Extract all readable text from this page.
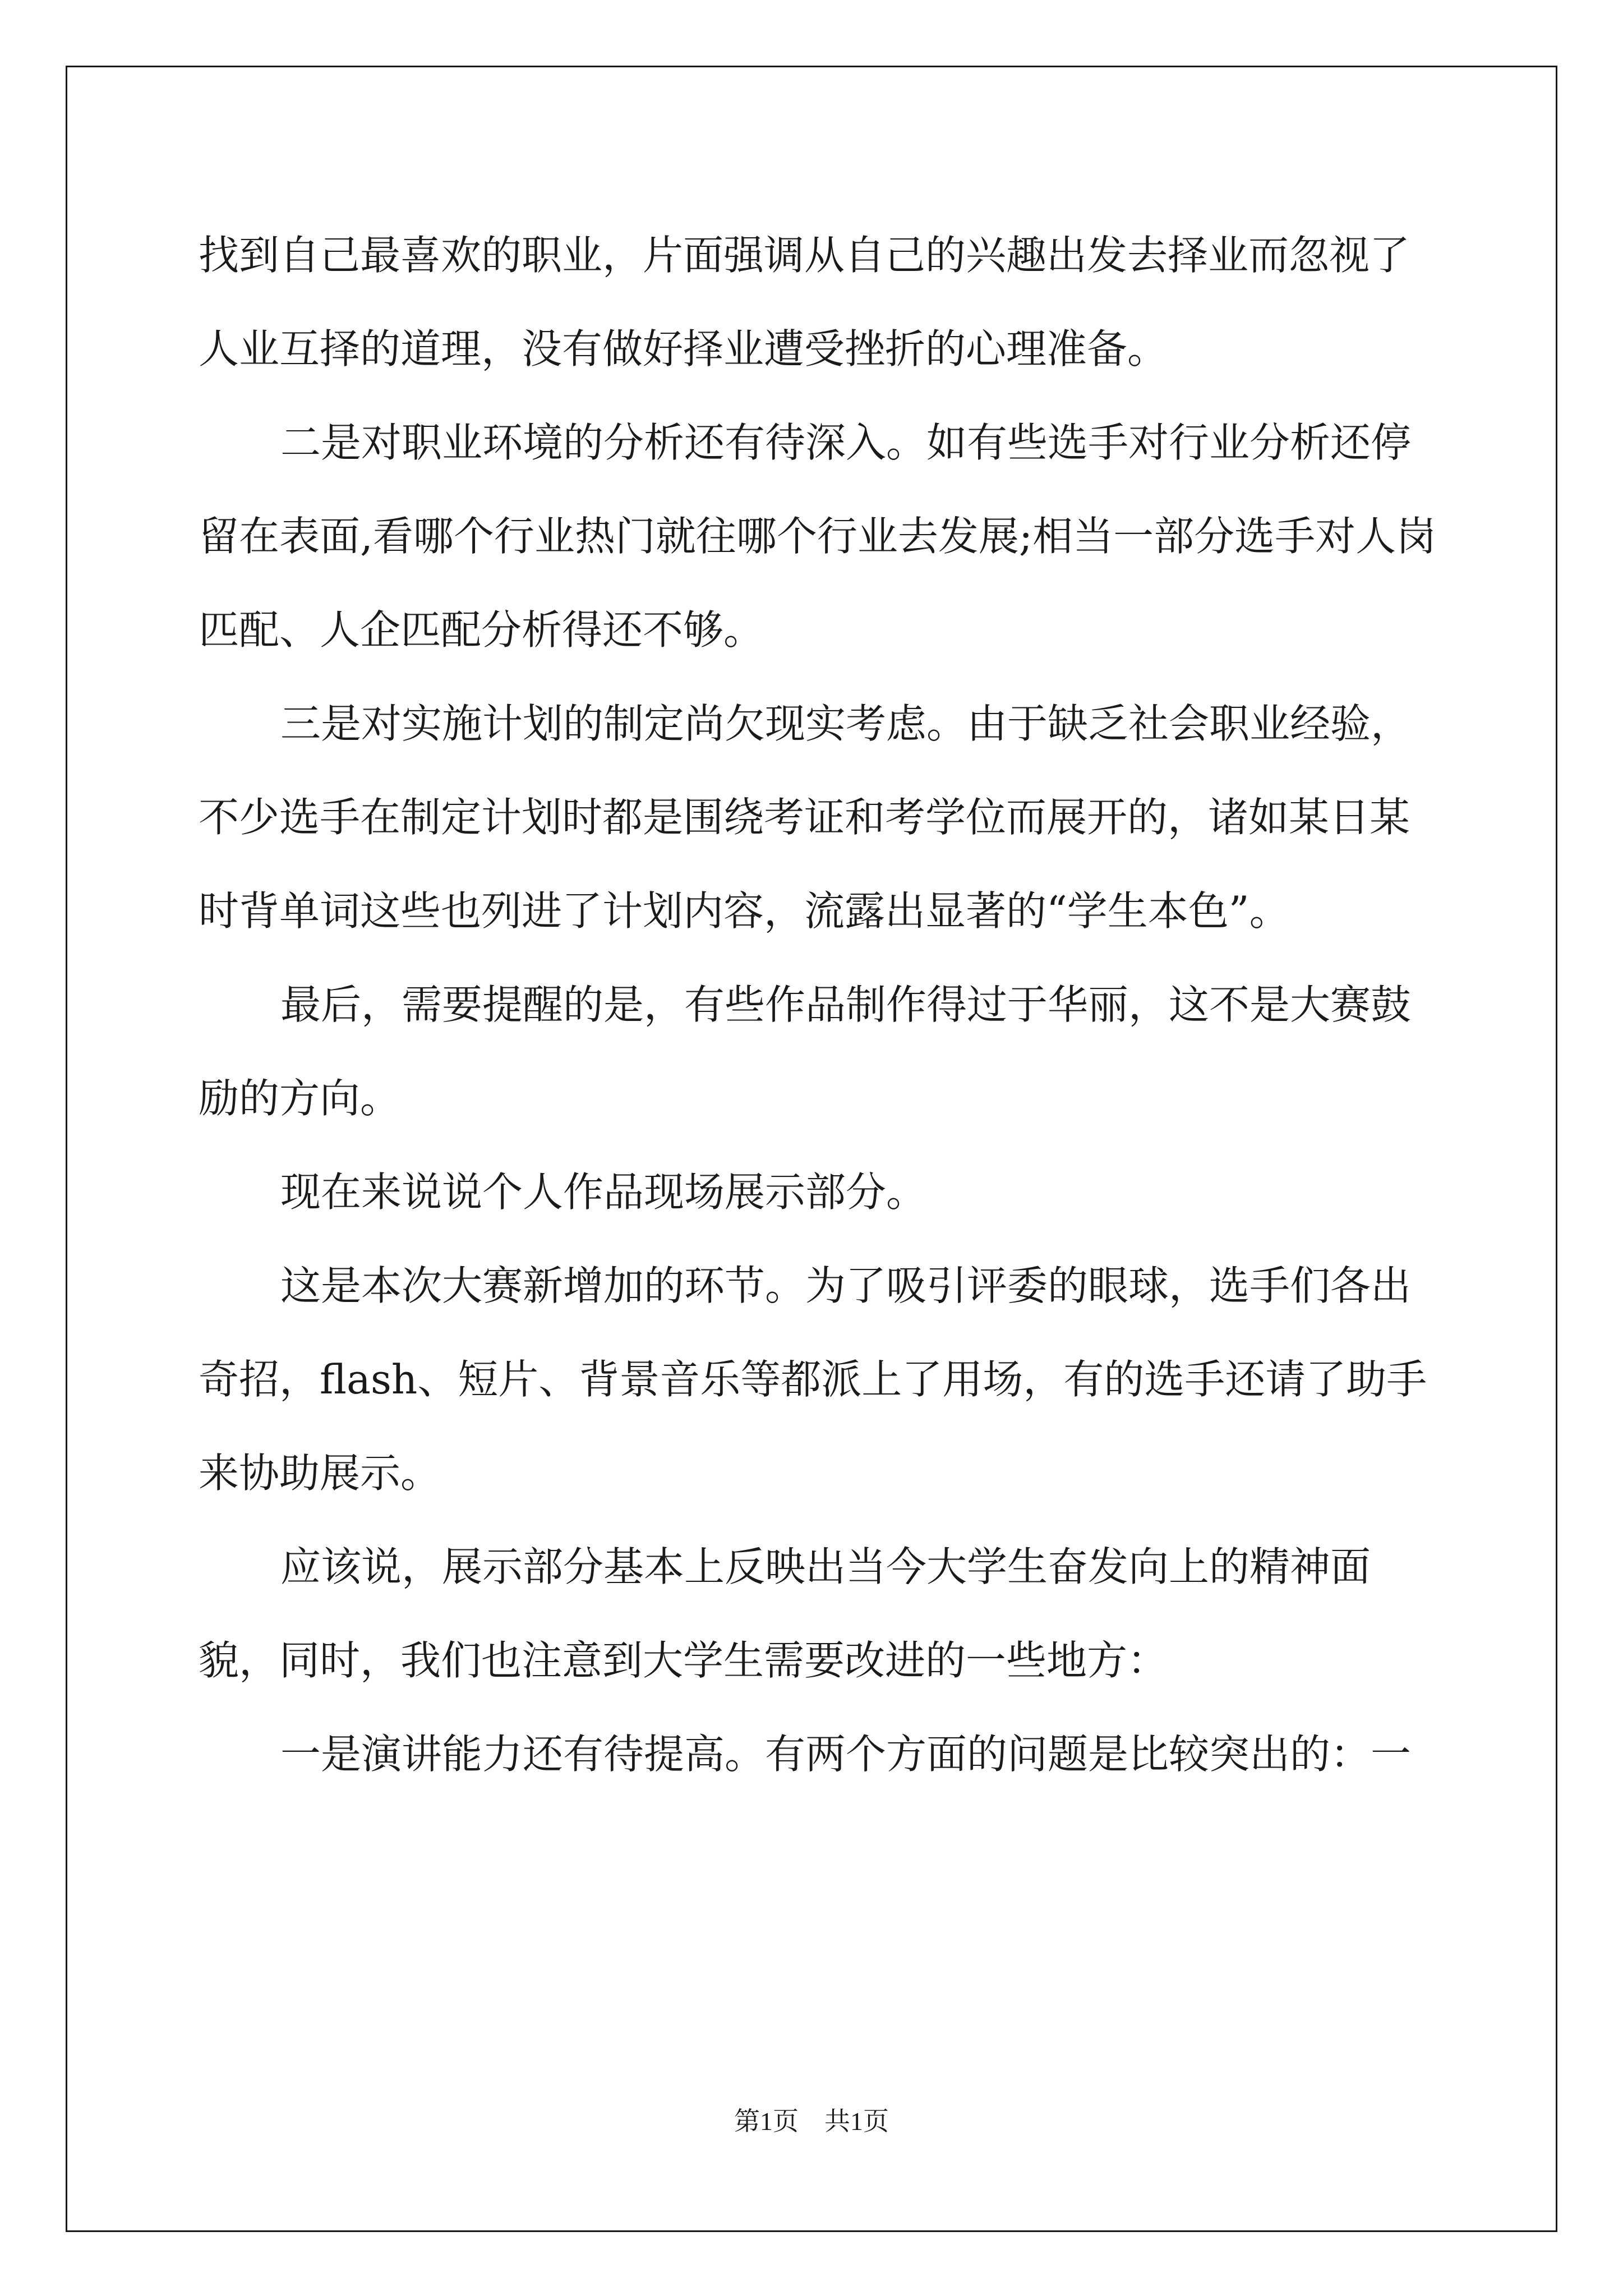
找到自己最喜欢的职业，片面强调从自己的兴趣出发去择业而忽视了人业互择的道理，没有做好择业遭受挫折的心理准备。

二是对职业环境的分析还有待深入。如有些选手对行业分析还停留在表面,看哪个行业热门就往哪个行业去发展;相当一部分选手对人岗匹配、人企匹配分析得还不够。

三是对实施计划的制定尚欠现实考虑。由于缺乏社会职业经验，不少选手在制定计划时都是围绕考证和考学位而展开的，诸如某日某时背单词这些也列进了计划内容，流露出显著的“学生本色”。

最后，需要提醒的是，有些作品制作得过于华丽，这不是大赛鼓励的方向。

现在来说说个人作品现场展示部分。

这是本次大赛新增加的环节。为了吸引评委的眼球，选手们各出奇招，flash、短片、背景音乐等都派上了用场，有的选手还请了助手来协助展示。

应该说，展示部分基本上反映出当今大学生奋发向上的精神面貌，同时，我们也注意到大学生需要改进的一些地方：

一是演讲能力还有待提高。有两个方面的问题是比较突出的：一

第1页 共1页
